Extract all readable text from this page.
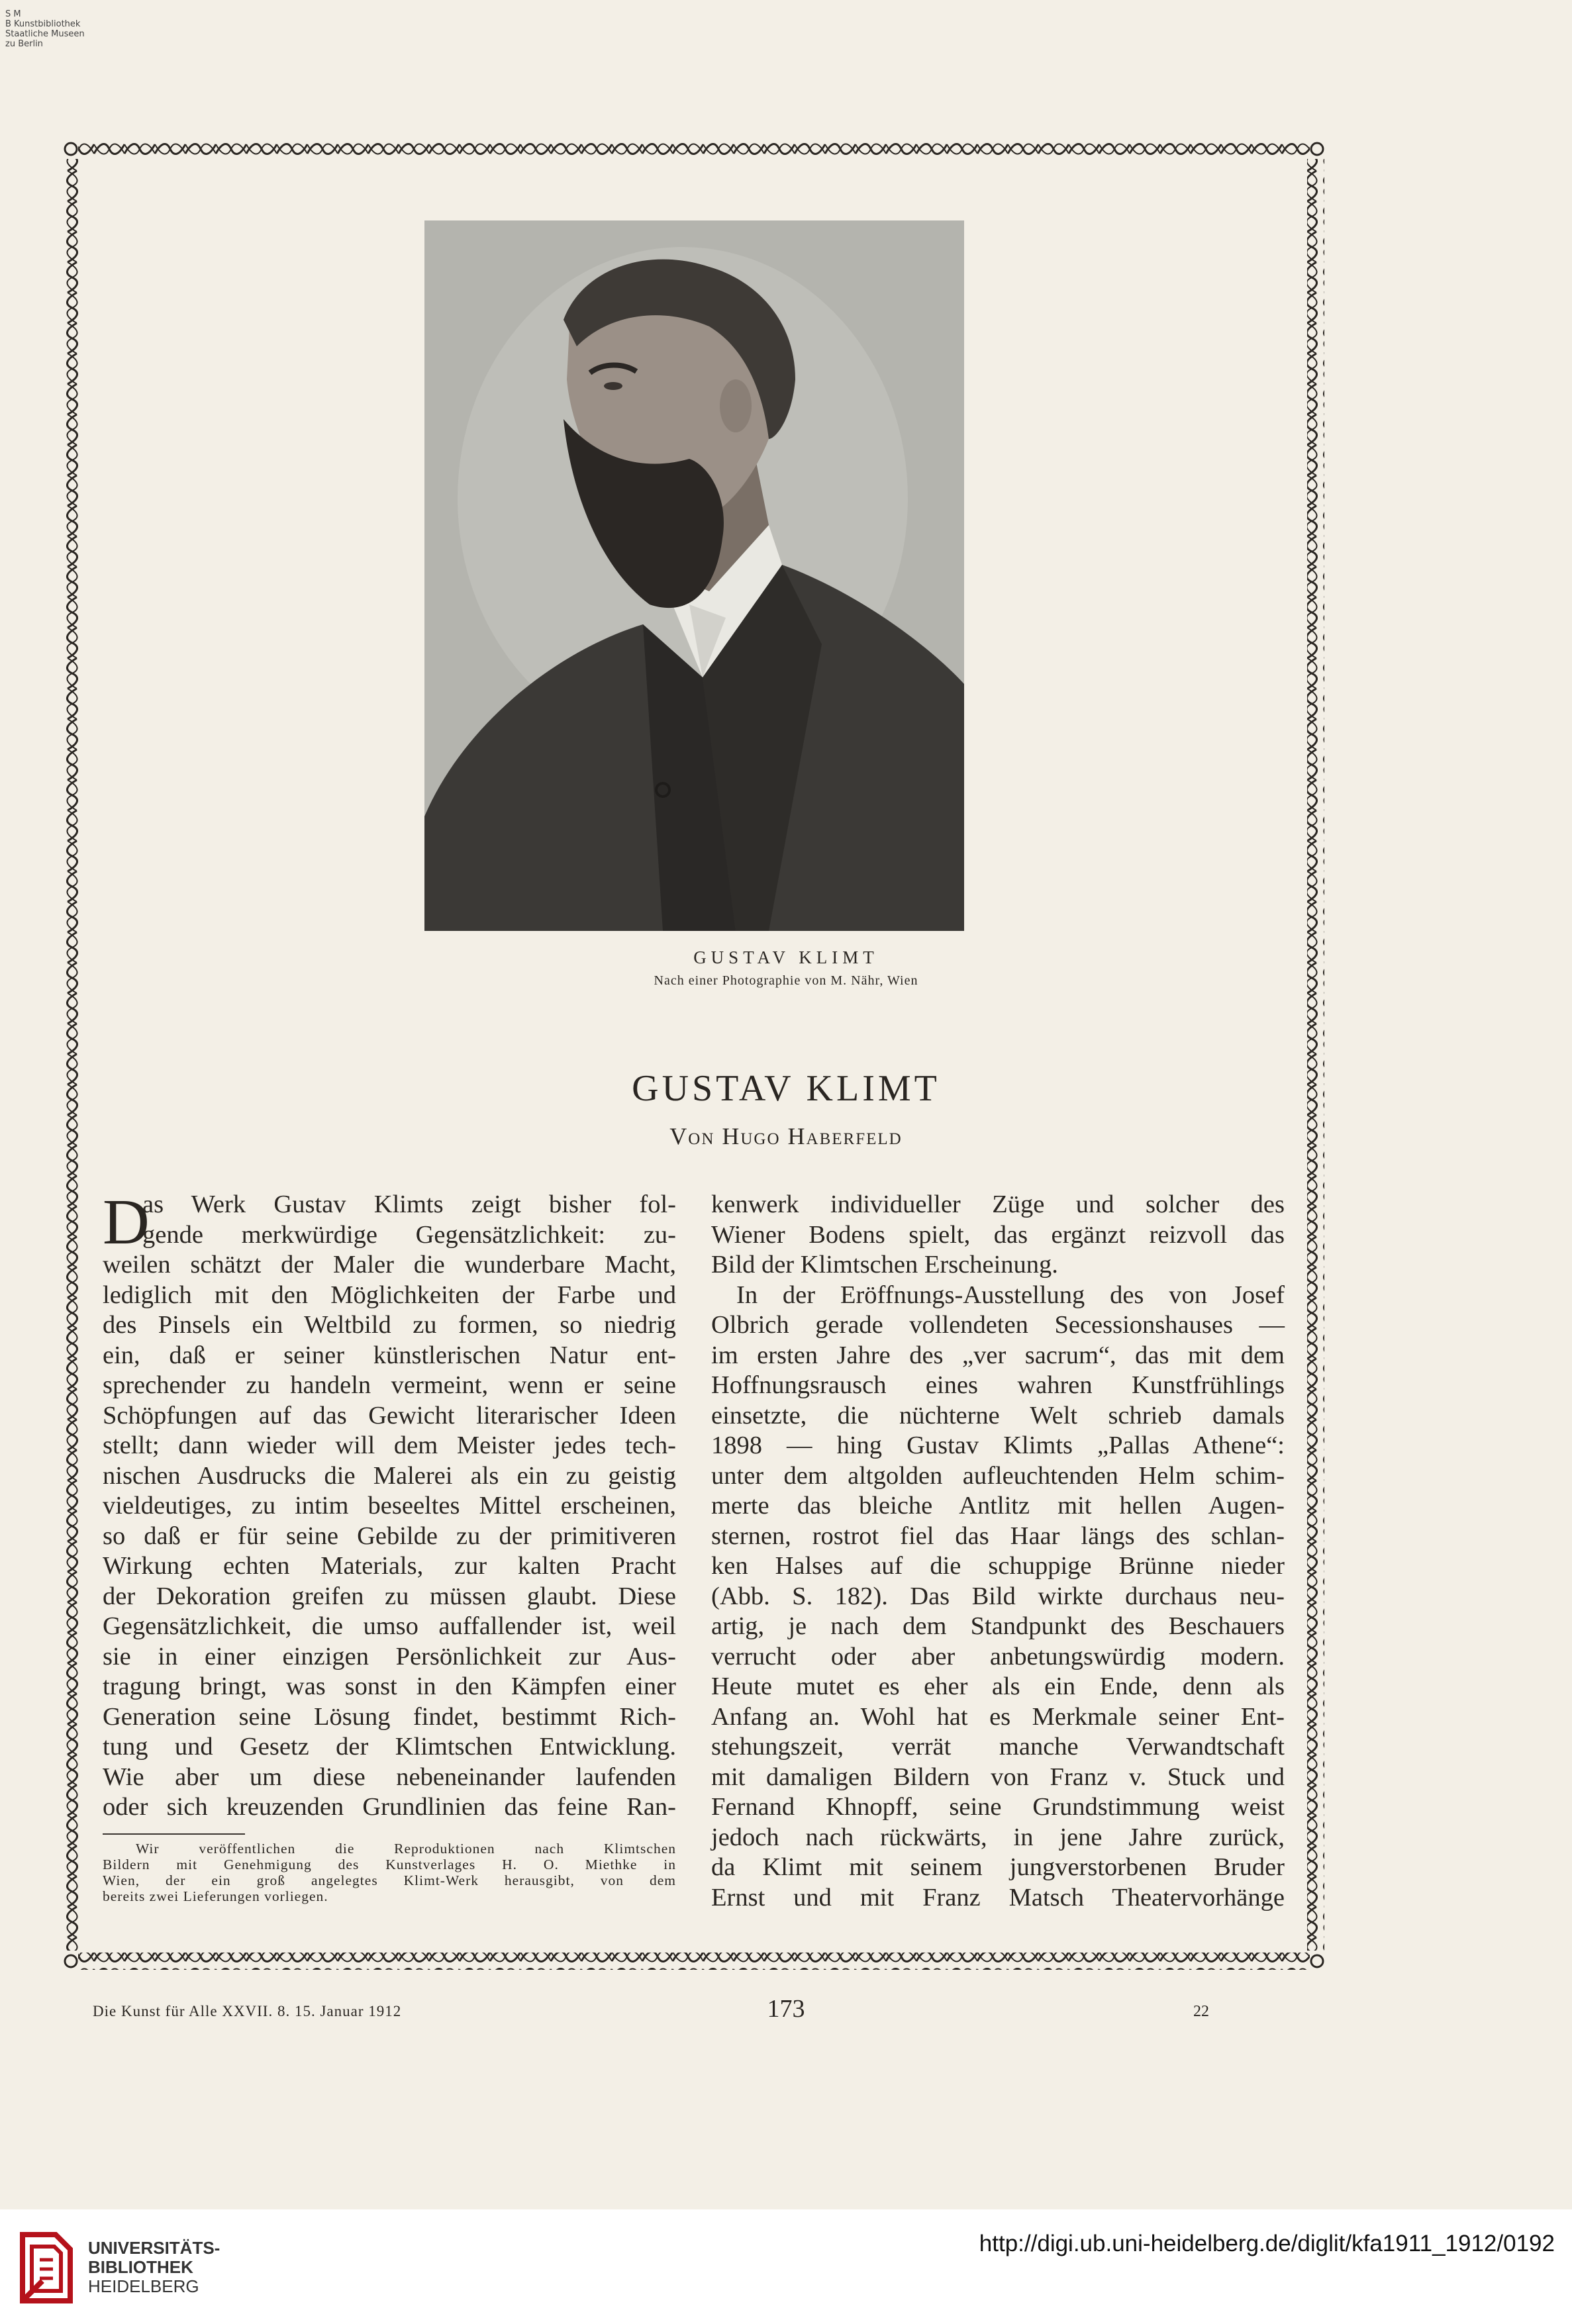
S M
B Kunstbibliothek
Staatliche Museen
zu Berlin
GUSTAV KLIMT
Nach einer Photographie von M. Nähr, Wien
GUSTAV KLIMT
Von Hugo Haberfeld
D
as Werk Gustav Klimts zeigt bisher fol-
gende merkwürdige Gegensätzlichkeit: zu-
weilen schätzt der Maler die wunderbare Macht,
lediglich mit den Möglichkeiten der Farbe und
des Pinsels ein Weltbild zu formen, so niedrig
ein, daß er seiner künstlerischen Natur ent-
sprechender zu handeln vermeint, wenn er seine
Schöpfungen auf das Gewicht literarischer Ideen
stellt; dann wieder will dem Meister jedes tech-
nischen Ausdrucks die Malerei als ein zu geistig
vieldeutiges, zu intim beseeltes Mittel erscheinen,
so daß er für seine Gebilde zu der primitiveren
Wirkung echten Materials, zur kalten Pracht
der Dekoration greifen zu müssen glaubt. Diese
Gegensätzlichkeit, die umso auffallender ist, weil
sie in einer einzigen Persönlichkeit zur Aus-
tragung bringt, was sonst in den Kämpfen einer
Generation seine Lösung findet, bestimmt Rich-
tung und Gesetz der Klimtschen Entwicklung.
Wie aber um diese nebeneinander laufenden
oder sich kreuzenden Grundlinien das feine Ran-
Wir veröffentlichen die Reproduktionen nach Klimtschen
Bildern mit Genehmigung des Kunstverlages H. O. Miethke in
Wien, der ein groß angelegtes Klimt-Werk herausgibt, von dem
bereits zwei Lieferungen vorliegen.
kenwerk individueller Züge und solcher des
Wiener Bodens spielt, das ergänzt reizvoll das
Bild der Klimtschen Erscheinung.
In der Eröffnungs-Ausstellung des von Josef
Olbrich gerade vollendeten Secessionshauses —
im ersten Jahre des „ver sacrum“, das mit dem
Hoffnungsrausch eines wahren Kunstfrühlings
einsetzte, die nüchterne Welt schrieb damals
1898 — hing Gustav Klimts „Pallas Athene“:
unter dem altgolden aufleuchtenden Helm schim-
merte das bleiche Antlitz mit hellen Augen-
sternen, rostrot fiel das Haar längs des schlan-
ken Halses auf die schuppige Brünne nieder
(Abb. S. 182). Das Bild wirkte durchaus neu-
artig, je nach dem Standpunkt des Beschauers
verrucht oder aber anbetungswürdig modern.
Heute mutet es eher als ein Ende, denn als
Anfang an. Wohl hat es Merkmale seiner Ent-
stehungszeit, verrät manche Verwandtschaft
mit damaligen Bildern von Franz v. Stuck und
Fernand Khnopff, seine Grundstimmung weist
jedoch nach rückwärts, in jene Jahre zurück,
da Klimt mit seinem jungverstorbenen Bruder
Ernst und mit Franz Matsch Theatervorhänge
Die Kunst für Alle XXVII. 8. 15. Januar 1912	173	22
UNIVERSITÄTS-
BIBLIOTHEK
HEIDELBERG
http://digi.ub.uni-heidelberg.de/diglit/kfa1911_1912/0192
